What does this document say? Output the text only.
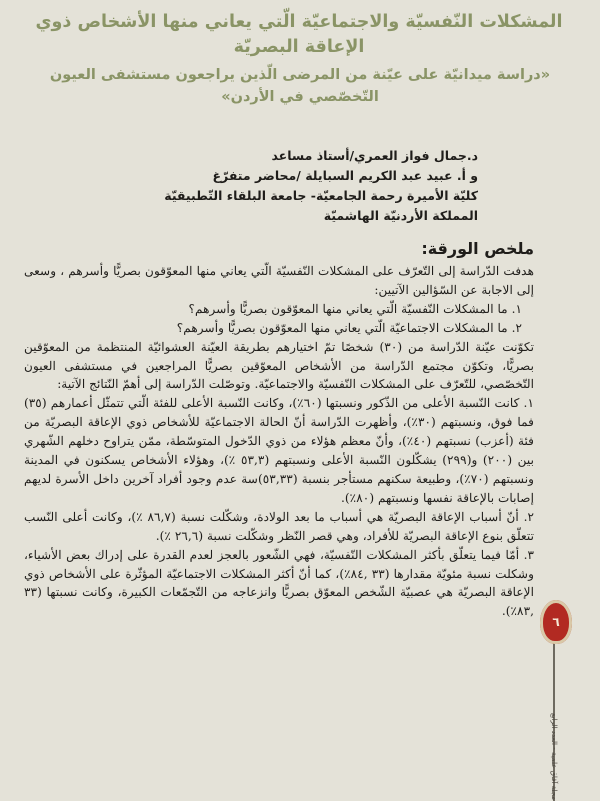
المشكلات النّفسيّة والاجتماعيّة الّتي يعاني منها الأشخاص ذوي الإعاقة البصريّة
«دراسة ميدانيّة على عيّنة من المرضى الّذين يراجعون مستشفى العيون التّخصّصي في الأردن»
د.جمال فواز العمري/أستاذ مساعد
و أ. عبيد عبد الكريم السبايلة /محاضر متفرّغ
كليّة الأميرة رحمة الجامعيّة- جامعة البلقاء التّطبيقيّة
المملكة الأردنيّة الهاشميّة
ملخص الورقة:

هدفت الدّراسة إلى التّعرّف على المشكلات النّفسيّة الّتي يعاني منها المعوّقون بصريًّا وأسرهم ، وسعى إلى الاجابة عن السّؤالين الآتيين:

١. ما المشكلات النّفسيّة الّتي يعاني منها المعوّقون بصريًّا وأسرهم؟

٢. ما المشكلات الاجتماعيّة الّتي يعاني منها المعوّقون بصريًّا وأسرهم؟

تكوّنت عيّنة الدّراسة من (٣٠) شخصًا تمّ اختيارهم بطريقة العيّنة العشوائيّة المنتظمة من المعوّقين بصريًّا، وتكوّن مجتمع الدّراسة من الأشخاص المعوّقين بصريًّا المراجعين في مستشفى العيون التّخصّصي، للتّعرّف على المشكلات النّفسيّة والاجتماعيّة. وتوصّلت الدّراسة إلى أهمّ النّتائج الآتية:

١. كانت النّسبة الأعلى من الذّكور ونسبتها (٦٠٪)، وكانت النّسبة الأعلى للفئة الّتي تتمثّل أعمارهم (٣٥) فما فوق، ونسبتهم (٣٠٪)، وأظهرت الدّراسة أنّ الحالة الاجتماعيّة للأشخاص ذوي الإعاقة البصريّة من فئة (أعزب) نسبتهم (٤٠٪)، وأنّ معظم هؤلاء من ذوي الدّخول المتوسّطة، ممّن يتراوح دخلهم الشّهري بين (٢٠٠) و(٢٩٩) يشكّلون النّسبة الأعلى ونسبتهم (٥٣,٣ ٪)، وهؤلاء الأشخاص يسكنون في المدينة ونسبتهم (٧٠٪)، وطبيعة سكنهم مستأجر بنسبة (٥٣,٣٣)سة عدم وجود أفراد آخرين داخل الأسرة لديهم إصابات بالإعاقة نفسها ونسبتهم (٨٠٪).

٢. أنّ أسباب الإعاقة البصريّة هي أسباب ما بعد الولادة، وشكّلت نسبة (٨٦,٧ ٪)، وكانت أعلى النّسب تتعلّق بنوع الإعاقة البصريّة للأفراد، وهي قصر النّظر وشكّلت نسبة (٢٦,٦ ٪).

٣. أمّا فيما يتعلّق بأكثر المشكلات النّفسيّة، فهي الشّعور بالعجز لعدم القدرة على إدراك بعض الأشياء، وشكلت نسبة مئويّة مقدارها (٣٣ ,٨٤٪)، كما أنّ أكثر المشكلات الاجتماعيّة المؤثّرة على الأشخاص ذوي الإعاقة البصريّة هي عصبيّة الشّخص المعوّق بصريًّا وانزعاجه من التّجمّعات الكبيرة، وكانت نسبتها (٣٣ ,٨٣٪).

٦
مجلة آفاق علمية - العدد الرابع
